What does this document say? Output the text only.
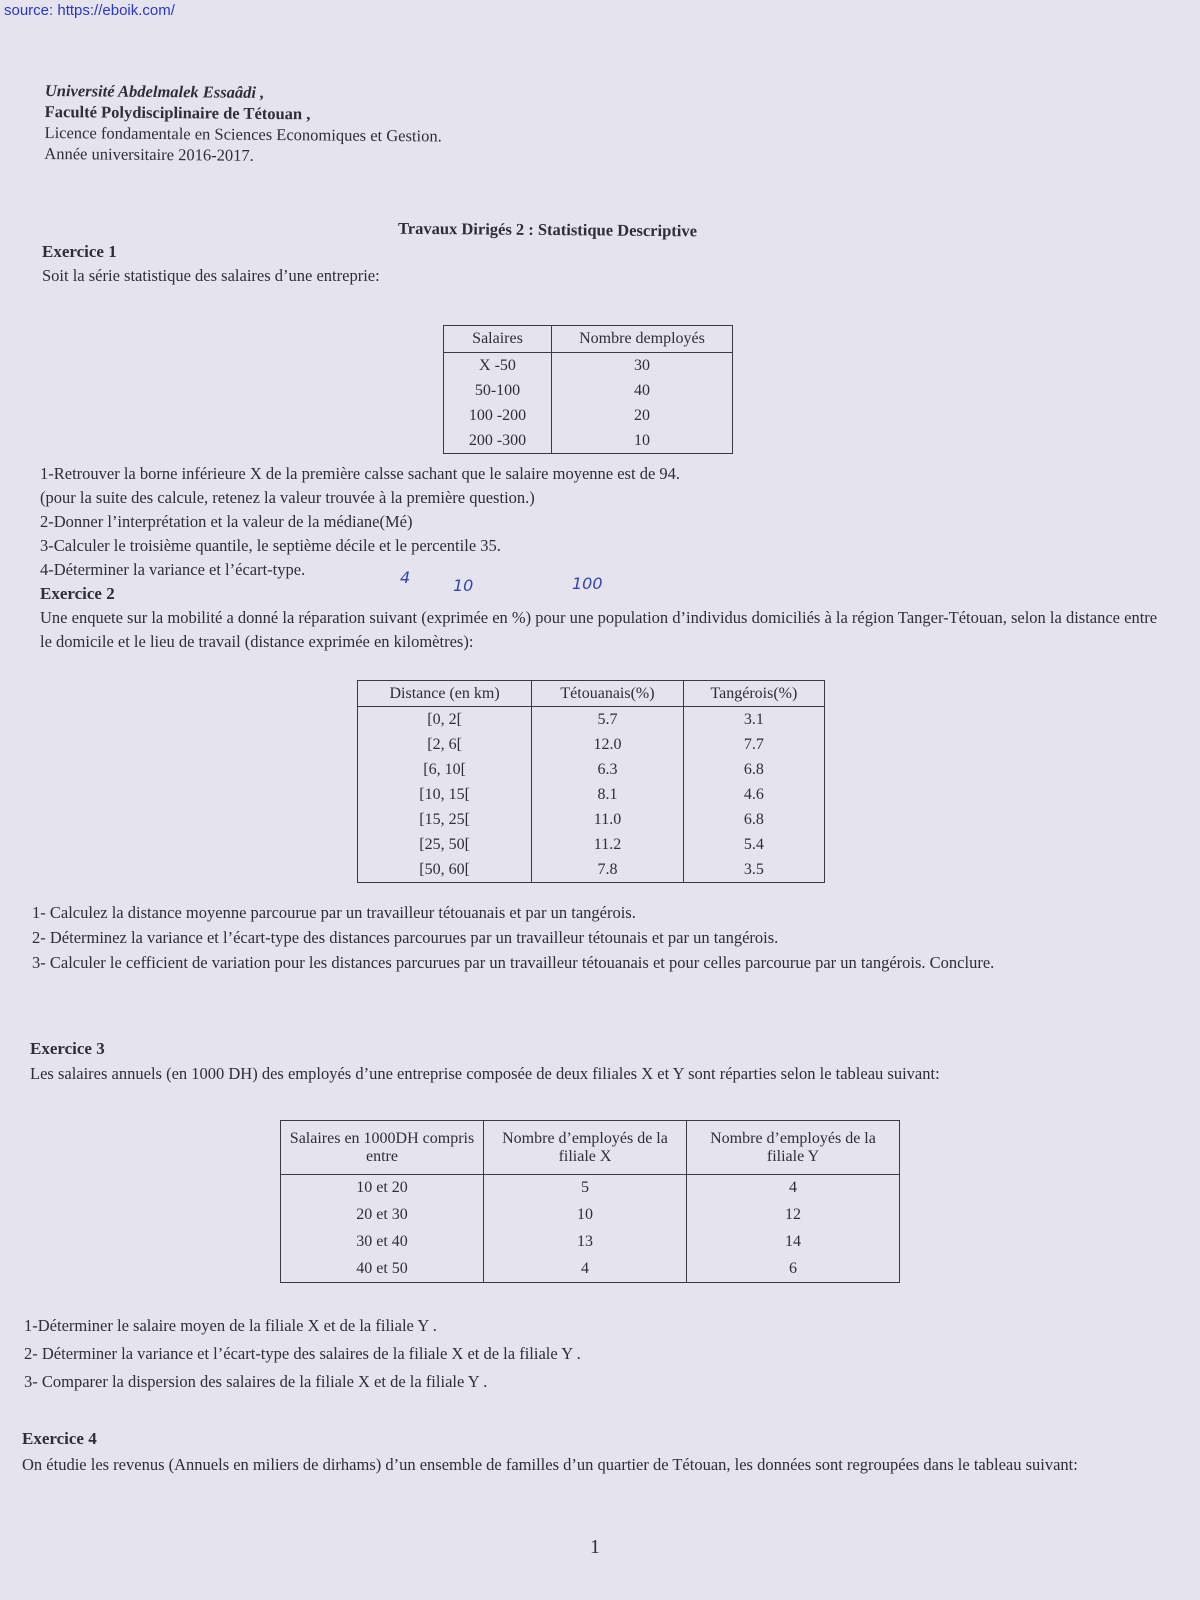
source: https://eboik.com/
Université Abdelmalek Essaâdi ,
Faculté Polydisciplinaire de Tétouan ,
Licence fondamentale en Sciences Economiques et Gestion.
Année universitaire 2016-2017.
Travaux Dirigés 2 : Statistique Descriptive
Exercice 1
Soit la série statistique des salaires d’une entreprie:
Salaires	Nombre demployés
X -50	30
50-100	40
100 -200	20
200 -300	10

1-Retrouver la borne inférieure X de la première calsse sachant que le salaire moyenne est de 94.

(pour la suite des calcule, retenez la valeur trouvée à la première question.)

2-Donner l’interprétation et la valeur de la médiane(Mé)

3-Calculer le troisième quantile, le septième décile et le percentile 35.

4-Déterminer la variance et l’écart-type.

Exercice 2
Une enquete sur la mobilité a donné la réparation suivant (exprimée en %) pour une population d’individus domiciliés à la région Tanger-Tétouan, selon la distance entre le domicile et le lieu de travail (distance exprimée en kilomètres):
4	10	100
Distance (en km)	Tétouanais(%)	Tangérois(%)
[0, 2[	5.7	3.1
[2, 6[	12.0	7.7
[6, 10[	6.3	6.8
[10, 15[	8.1	4.6
[15, 25[	11.0	6.8
[25, 50[	11.2	5.4
[50, 60[	7.8	3.5

1- Calculez la distance moyenne parcourue par un travailleur tétouanais et par un tangérois.

2- Déterminez la variance et l’écart-type des distances parcourues par un travailleur tétounais et par un tangérois.

3- Calculer le cefficient de variation pour les distances parcurues par un travailleur tétouanais et pour celles parcourue par un tangérois. Conclure.

Exercice 3
Les salaires annuels (en 1000 DH) des employés d’une entreprise composée de deux filiales X et Y sont réparties selon le tableau suivant:
Salaires en 1000DH compris entre	Nombre d’employés de la filiale X	Nombre d’employés de la filiale Y
10 et 20	5	4
20 et 30	10	12
30 et 40	13	14
40 et 50	4	6

1-Déterminer le salaire moyen de la filiale X et de la filiale Y .

2- Déterminer la variance et l’écart-type des salaires de la filiale X et de la filiale Y .

3- Comparer la dispersion des salaires de la filiale X et de la filiale Y .

Exercice 4
On étudie les revenus (Annuels en miliers de dirhams) d’un ensemble de familles d’un quartier de Tétouan, les données sont regroupées dans le tableau suivant:
1
